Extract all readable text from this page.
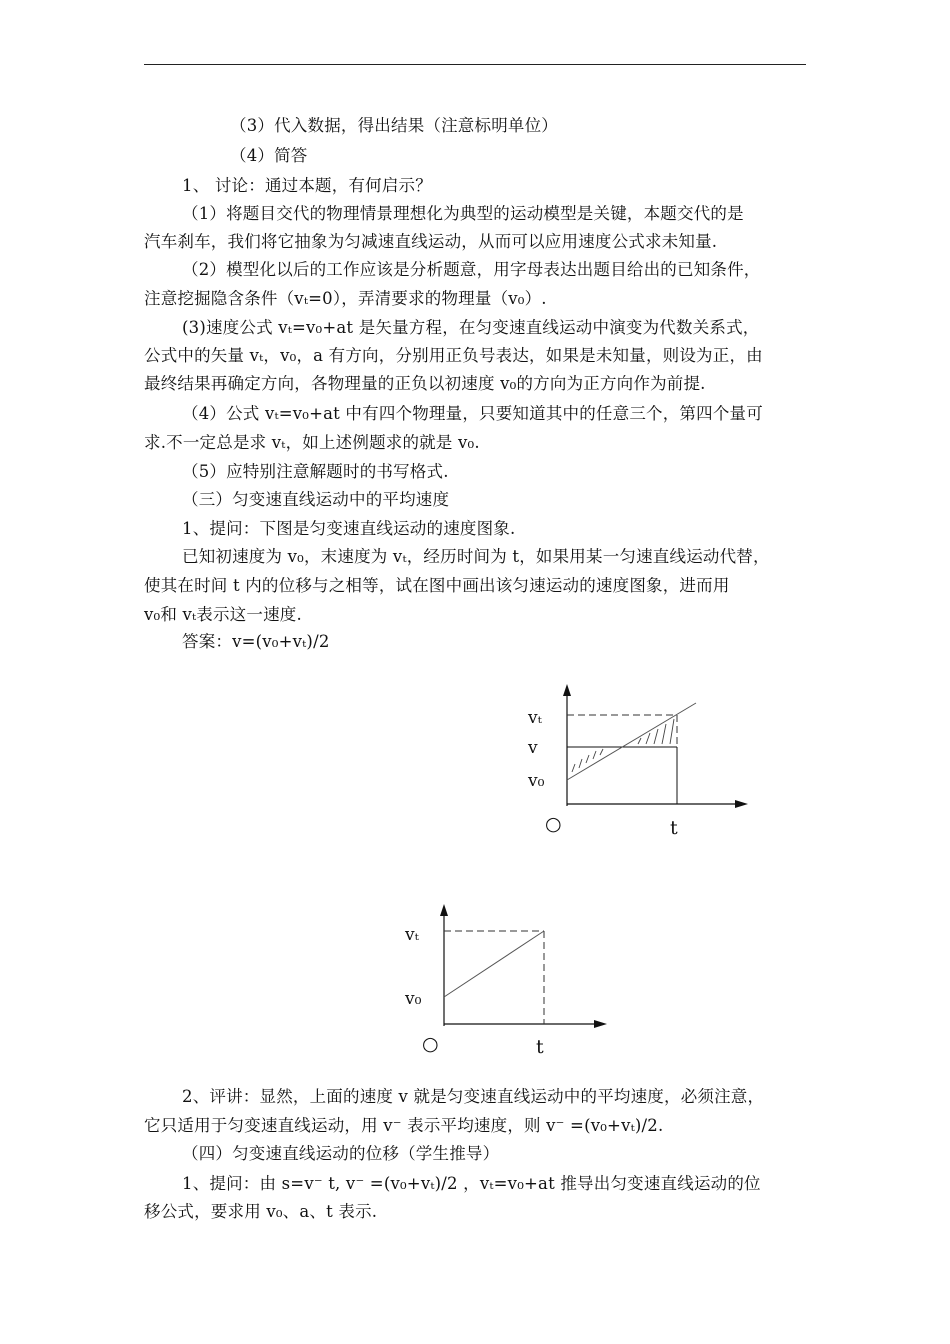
（3）代入数据，得出结果（注意标明单位）
（4）简答
1、 讨论：通过本题，有何启示？
（1）将题目交代的物理情景理想化为典型的运动模型是关键，本题交代的是
汽车刹车，我们将它抽象为匀减速直线运动，从而可以应用速度公式求未知量.
（2）模型化以后的工作应该是分析题意，用字母表达出题目给出的已知条件，
注意挖掘隐含条件（vₜ=0），弄清要求的物理量（v₀）.
(3)速度公式 vₜ=v₀+at 是矢量方程，在匀变速直线运动中演变为代数关系式，
公式中的矢量 vₜ，v₀，a 有方向，分别用正负号表达，如果是未知量，则设为正，由
最终结果再确定方向，各物理量的正负以初速度 v₀的方向为正方向作为前提.
（4）公式 vₜ=v₀+at 中有四个物理量，只要知道其中的任意三个，第四个量可
求.不一定总是求 vₜ，如上述例题求的就是 v₀.
（5）应特别注意解题时的书写格式.
（三）匀变速直线运动中的平均速度
1、提问：下图是匀变速直线运动的速度图象.
已知初速度为 v₀，末速度为 vₜ，经历时间为 t，如果用某一匀速直线运动代替，
使其在时间 t 内的位移与之相等，试在图中画出该匀速运动的速度图象，进而用
v₀和 vₜ表示这一速度.
答案：v=(v₀+vₜ)/2
vₜ
v
v₀
○	t
vₜ
v₀
○	t
2、评讲：显然，上面的速度 v 就是匀变速直线运动中的平均速度，必须注意，
它只适用于匀变速直线运动，用 v⁻ 表示平均速度，则 v⁻ =(v₀+vₜ)/2.
（四）匀变速直线运动的位移（学生推导）
1、提问：由 s=v⁻ t, v⁻ =(v₀+vₜ)/2 ，vₜ=v₀+at 推导出匀变速直线运动的位
移公式，要求用 v₀、a、t 表示.
